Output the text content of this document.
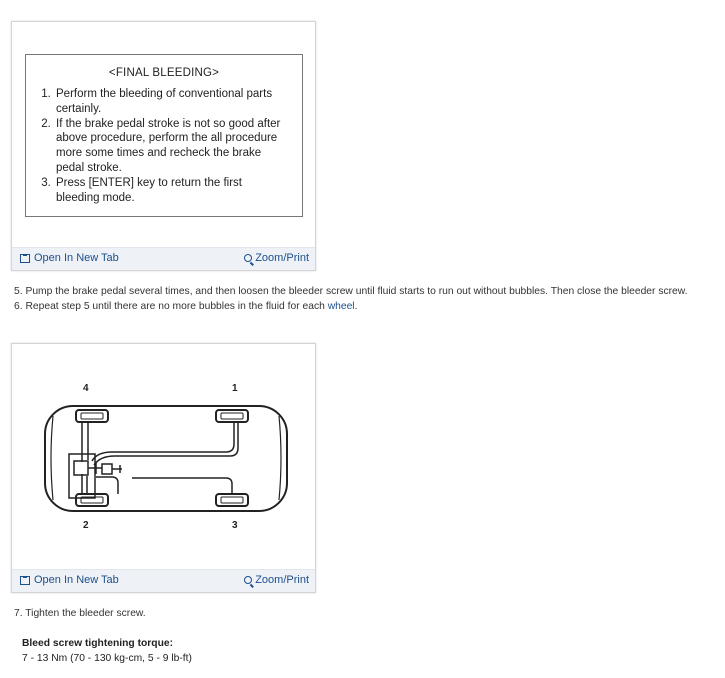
<FINAL BLEEDING>
1. Perform the bleeding of conventional parts certainly.
2. If the brake pedal stroke is not so good after above procedure, perform the all procedure more some times and recheck the brake pedal stroke.
3. Press [ENTER] key to return the first bleeding mode.
Open In New Tab	Zoom/Print
5. Pump the brake pedal several times, and then loosen the bleeder screw until fluid starts to run out without bubbles. Then close the bleeder screw.
6. Repeat step 5 until there are no more bubbles in the fluid for each wheel.
4	1
2	3
Open In New Tab	Zoom/Print
7. Tighten the bleeder screw.
Bleed screw tightening torque:
7 - 13 Nm (70 - 130 kg-cm, 5 - 9 lb-ft)
